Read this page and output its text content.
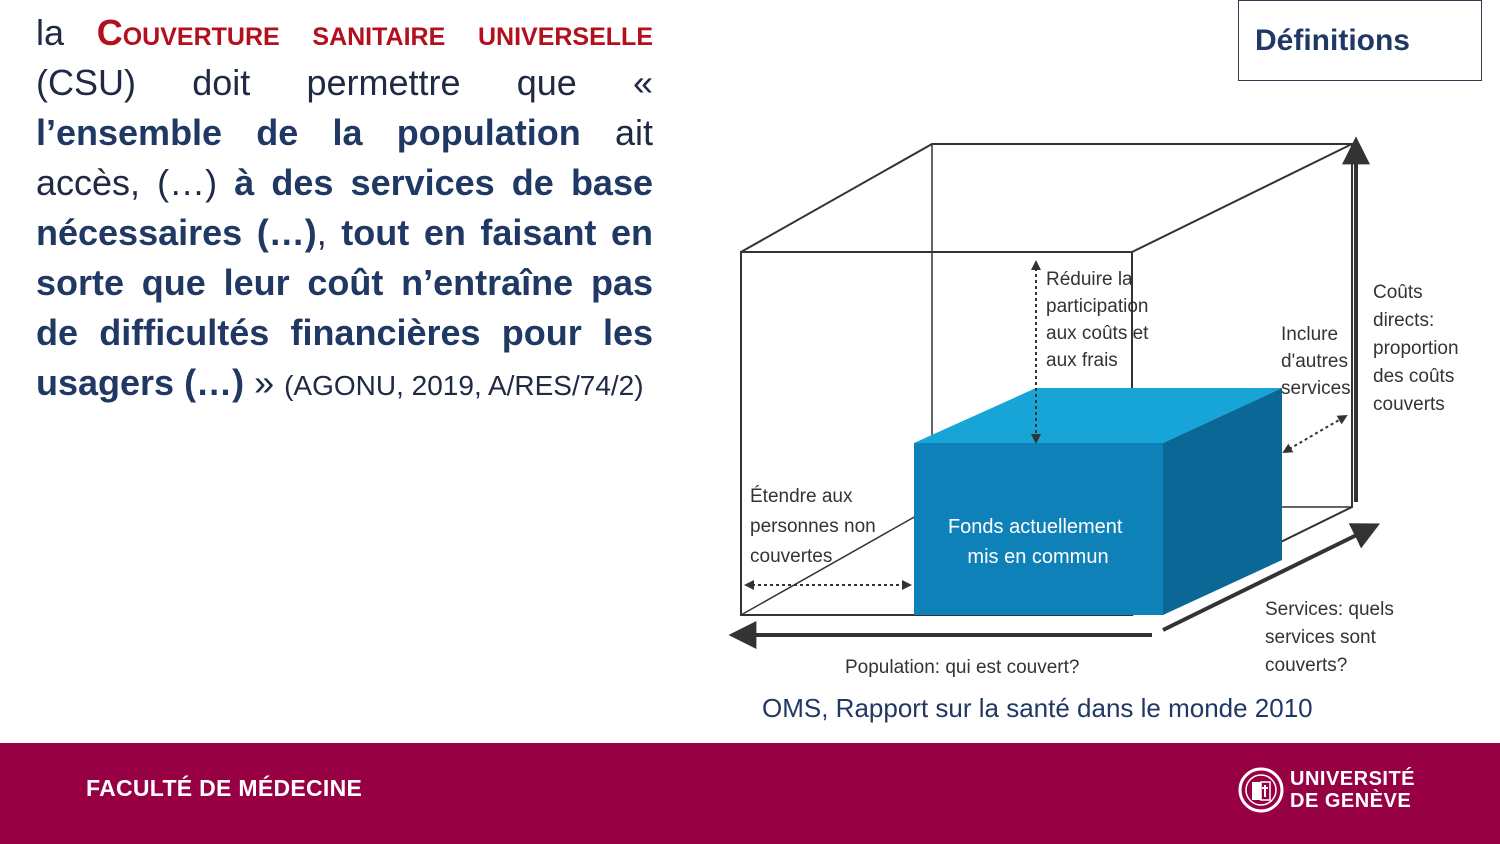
la Couverture sanitaire universelle (CSU) doit permettre que « l’ensemble de la population ait accès, (…) à des services de base nécessaires (…), tout en faisant en sorte que leur coût n’entraîne pas de difficultés financières pour les usagers (…) » (AGONU, 2019, A/RES/74/2)
Définitions
Réduire la participation aux coûts et aux frais
Inclure d'autres services
Coûts directs: proportion des coûts couverts
Étendre aux personnes non couvertes
Services: quels services sont couverts?
Population: qui est couvert?
Fonds actuellement mis en commun
OMS, Rapport sur la santé dans le monde 2010
FACULTÉ DE MÉDECINE	UNIVERSITÉ
DE GENÈVE
